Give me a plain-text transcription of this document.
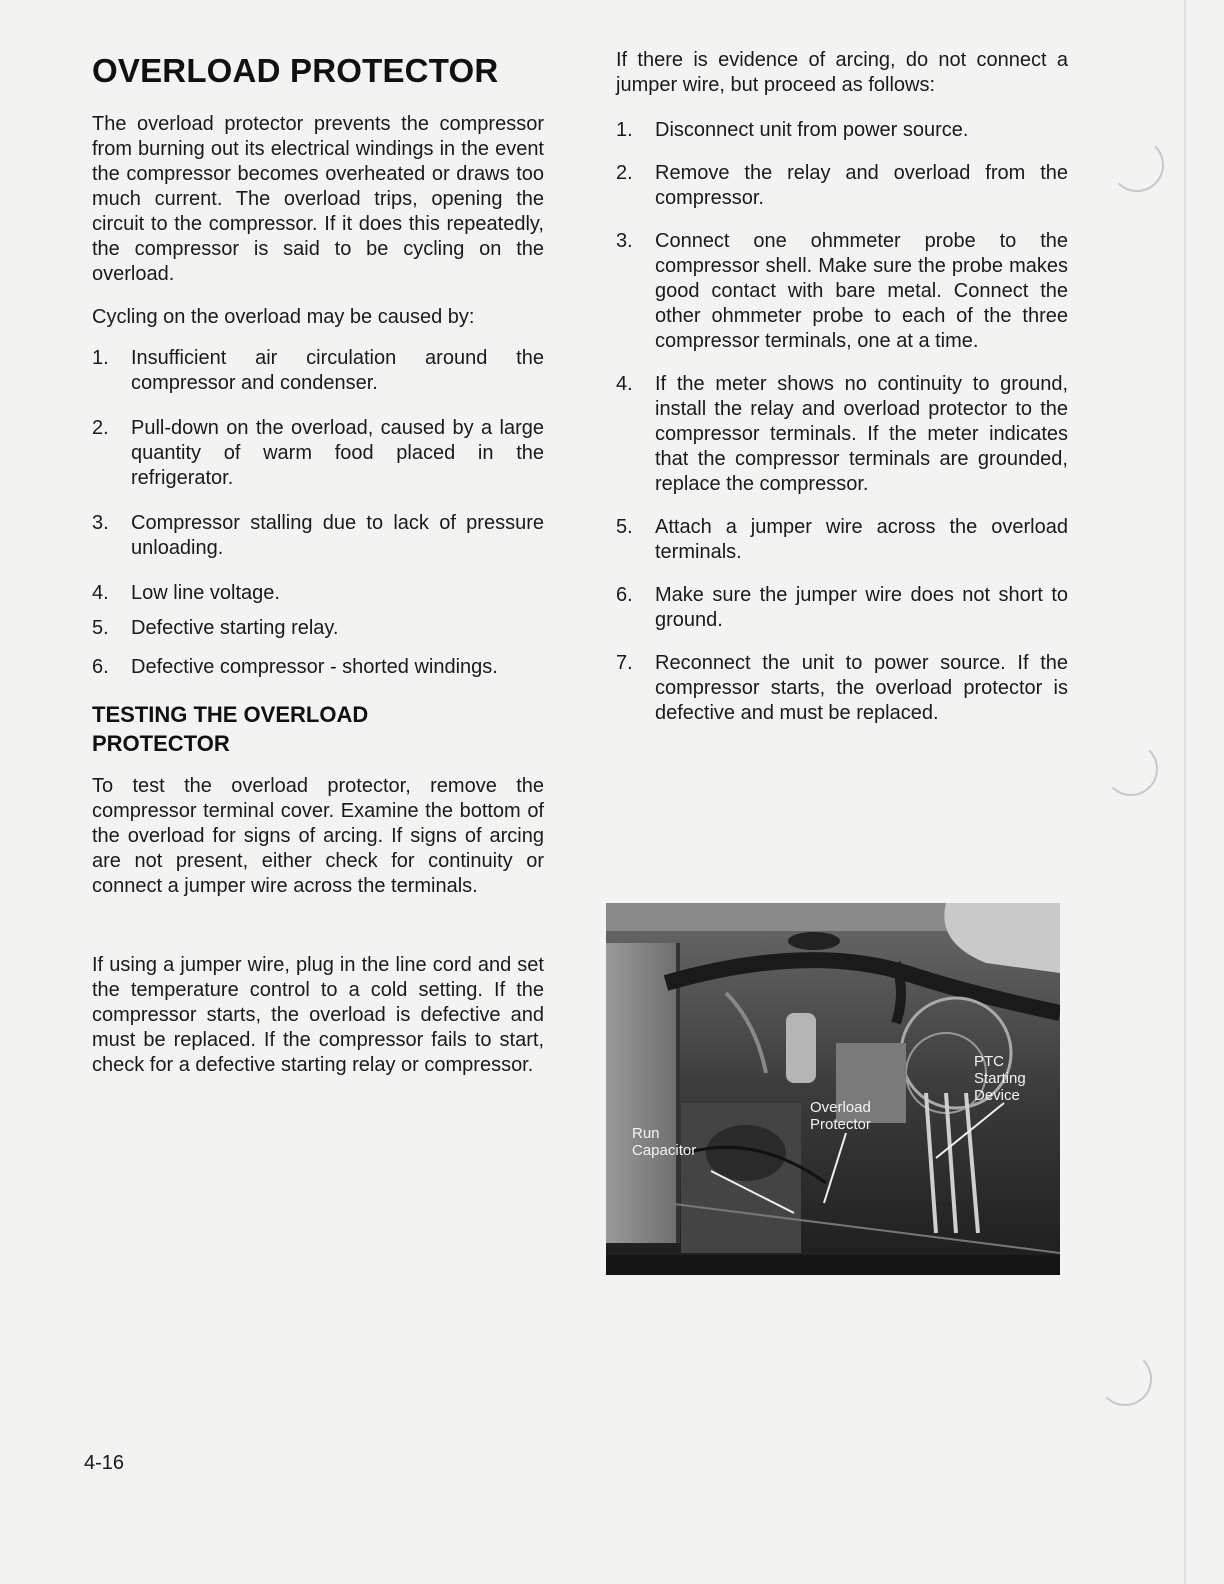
OVERLOAD PROTECTOR

The overload protector prevents the compressor from burning out its electrical windings in the event the compressor becomes overheated or draws too much current. The overload trips, opening the circuit to the compressor. If it does this repeatedly, the compressor is said to be cycling on the overload.

Cycling on the overload may be caused by:

1. Insufficient air circulation around the compressor and condenser.
2. Pull-down on the overload, caused by a large quantity of warm food placed in the refrigerator.
3. Compressor stalling due to lack of pressure unloading.
4. Low line voltage.
5. Defective starting relay.
6. Defective compressor - shorted windings.
TESTING THE OVERLOAD PROTECTOR

To test the overload protector, remove the compressor terminal cover. Examine the bottom of the overload for signs of arcing. If signs of arcing are not present, either check for continuity or connect a jumper wire across the terminals.

If using a jumper wire, plug in the line cord and set the temperature control to a cold setting. If the compressor starts, the overload is defective and must be replaced. If the compressor fails to start, check for a defective starting relay or compressor.

If there is evidence of arcing, do not connect a jumper wire, but proceed as follows:

1. Disconnect unit from power source.
2. Remove the relay and overload from the compressor.
3. Connect one ohmmeter probe to the compressor shell. Make sure the probe makes good contact with bare metal. Connect the other ohmmeter probe to each of the three compressor terminals, one at a time.
4. If the meter shows no continuity to ground, install the relay and overload protector to the compressor terminals. If the meter indicates that the compressor terminals are grounded, replace the compressor.
5. Attach a jumper wire across the overload terminals.
6. Make sure the jumper wire does not short to ground.
7. Reconnect the unit to power source. If the compressor starts, the overload protector is defective and must be replaced.
PTC
Starting
Device
Overload
Protector
Run
Capacitor
4-16
